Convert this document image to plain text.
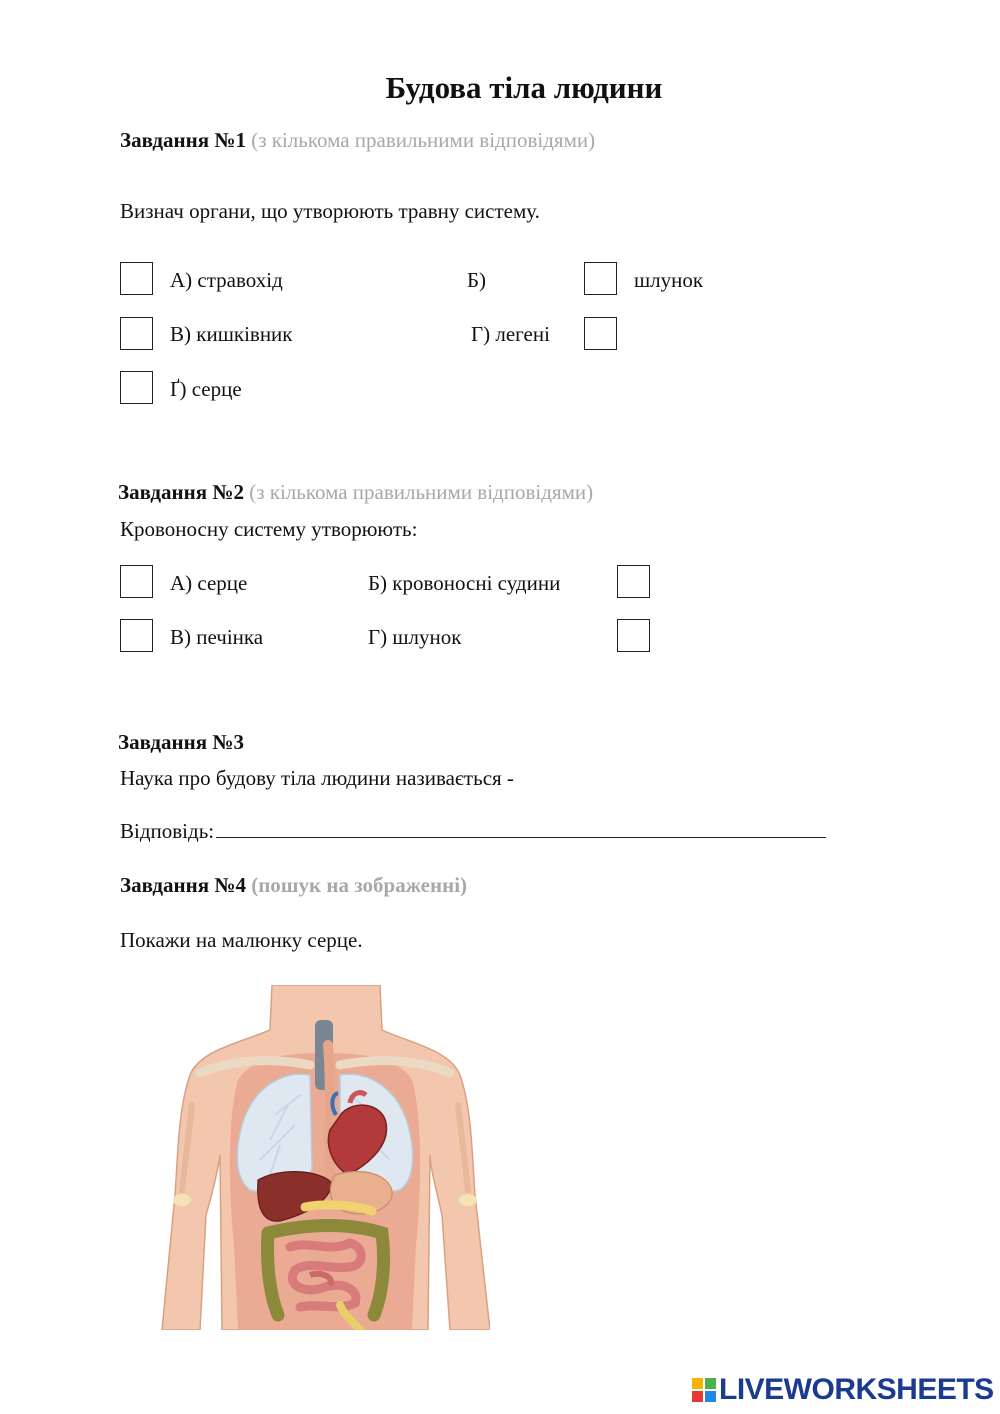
Будова тіла людини
Завдання №1 (з кількома правильними відповідями)
Визнач органи, що утворюють травну систему.
А) стравохід	Б)	шлунок
В) кишківник	Г) легені
Ґ) серце
Завдання №2 (з кількома правильними відповідями)
Кровоносну систему утворюють:
А) серце	Б) кровоносні судини
В) печінка	Г) шлунок
Завдання №3
Наука про будову тіла людини називається -
Відповідь:
Завдання №4 (пошук на зображенні)
Покажи на малюнку серце.
LIVEWORKSHEETS
